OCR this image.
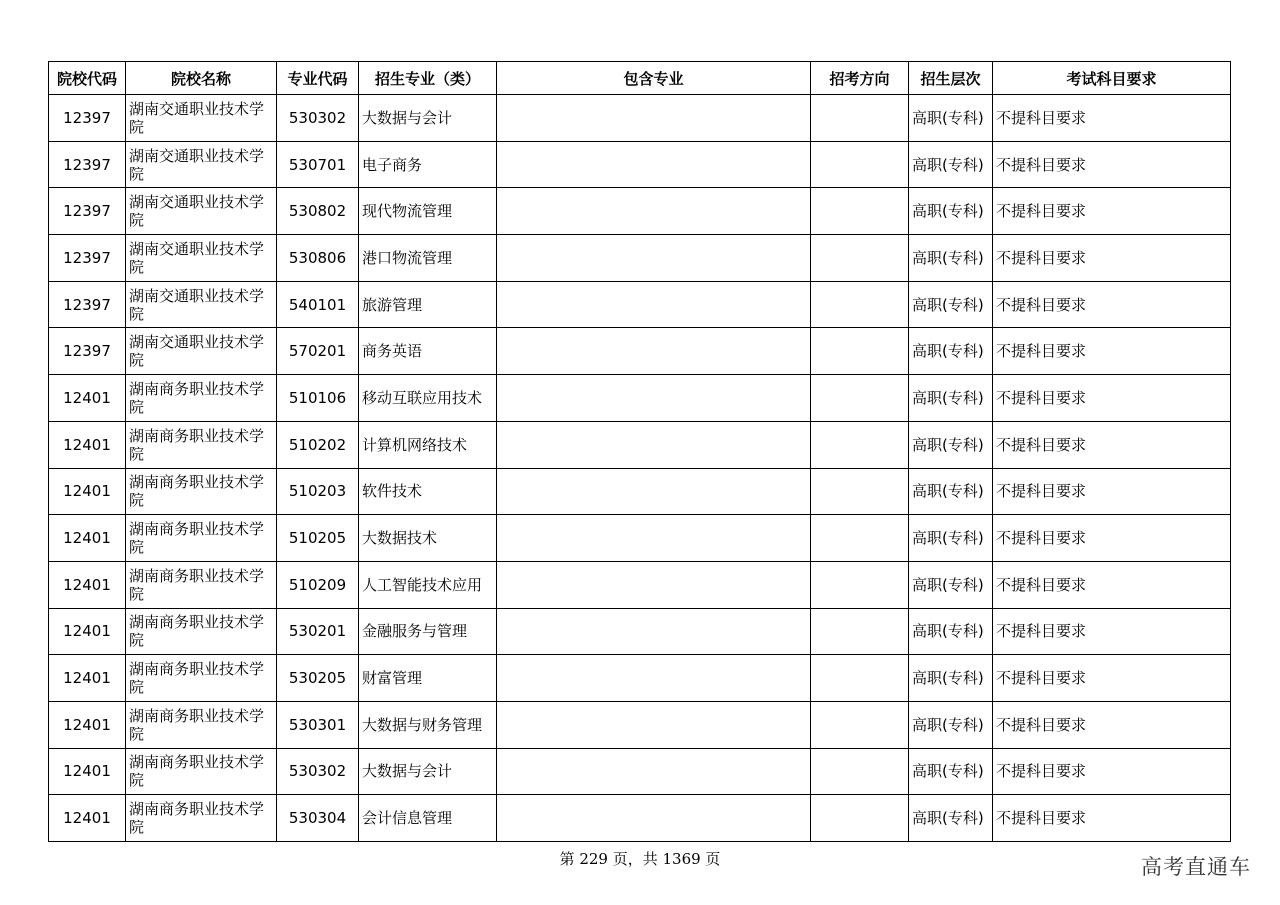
院校代码	院校名称	专业代码	招生专业（类）	包含专业	招考方向	招生层次	考试科目要求
12397	湖南交通职业技术学院	530302	大数据与会计			高职(专科)	不提科目要求
12397	湖南交通职业技术学院	530701	电子商务			高职(专科)	不提科目要求
12397	湖南交通职业技术学院	530802	现代物流管理			高职(专科)	不提科目要求
12397	湖南交通职业技术学院	530806	港口物流管理			高职(专科)	不提科目要求
12397	湖南交通职业技术学院	540101	旅游管理			高职(专科)	不提科目要求
12397	湖南交通职业技术学院	570201	商务英语			高职(专科)	不提科目要求
12401	湖南商务职业技术学院	510106	移动互联应用技术			高职(专科)	不提科目要求
12401	湖南商务职业技术学院	510202	计算机网络技术			高职(专科)	不提科目要求
12401	湖南商务职业技术学院	510203	软件技术			高职(专科)	不提科目要求
12401	湖南商务职业技术学院	510205	大数据技术			高职(专科)	不提科目要求
12401	湖南商务职业技术学院	510209	人工智能技术应用			高职(专科)	不提科目要求
12401	湖南商务职业技术学院	530201	金融服务与管理			高职(专科)	不提科目要求
12401	湖南商务职业技术学院	530205	财富管理			高职(专科)	不提科目要求
12401	湖南商务职业技术学院	530301	大数据与财务管理			高职(专科)	不提科目要求
12401	湖南商务职业技术学院	530302	大数据与会计			高职(专科)	不提科目要求
12401	湖南商务职业技术学院	530304	会计信息管理			高职(专科)	不提科目要求
第 229 页，共 1369 页	高考直通车
